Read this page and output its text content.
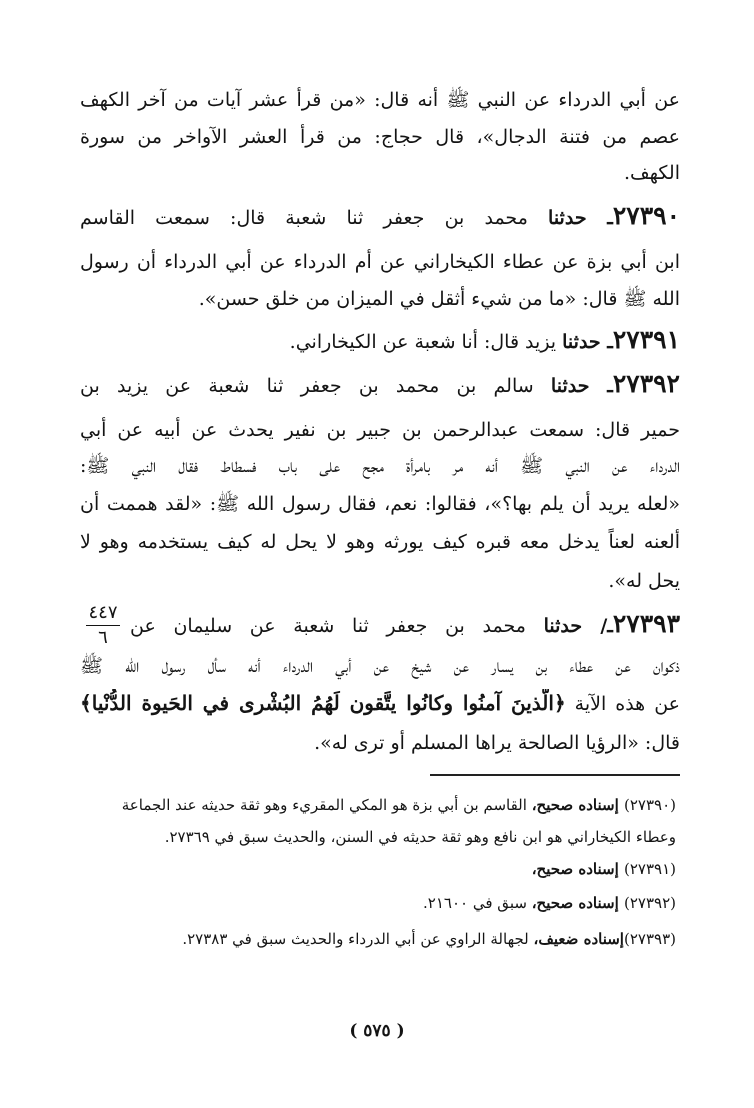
عن أبي الدرداء عن النبي ﷺ أنه قال: «من قرأ عشر آيات من آخر الكهف
عصم من فتنة الدجال»، قال حجاج: من قرأ العشر الآواخر من سورة
الكهف.
٢٧٣٩٠ـ حدثنا محمد بن جعفر ثنا شعبة قال: سمعت القاسم
ابن أبي بزة عن عطاء الكيخاراني عن أم الدرداء عن أبي الدرداء أن رسول
الله ﷺ قال: «ما من شيء أثقل في الميزان من خلق حسن».
٢٧٣٩١ـ حدثنا يزيد قال: أنا شعبة عن الكيخاراني.
٢٧٣٩٢ـ حدثنا سالم بن محمد بن جعفر ثنا شعبة عن يزيد بن
حمير قال: سمعت عبدالرحمن بن جبير بن نفير يحدث عن أبيه عن أبي
الدرداء عن النبي ﷺ أنه مر بامرأة مجح على باب فسطاط فقال النبي ﷺ:
«لعله يريد أن يلم بها؟»، فقالوا: نعم، فقال رسول الله ﷺ: «لقد هممت أن
ألعنه لعناً يدخل معه قبره كيف يورثه وهو لا يحل له كيف يستخدمه وهو لا
يحل له».
٢٧٣٩٣ـ/ حدثنا محمد بن جعفر ثنا شعبة عن سليمان عن
ذكوان عن عطاء بن يسار عن شيخ عن أبي الدرداء أنه سأل رسول الله ﷺ
عن هذه الآية ﴿الَّذينَ آمنُوا وكانُوا يتَّقون لَهُمُ البُشْرى في الحَيوة الدُّنْيا﴾
قال: «الرؤيا الصالحة يراها المسلم أو ترى له».
٤٤٧
٦
(٢٧٣٩٠) إسناده صحيح، القاسم بن أبي بزة هو المكي المقريء وهو ثقة حديثه عند الجماعة
وعطاء الكيخاراني هو ابن نافع وهو ثقة حديثه في السنن، والحديث سبق في ٢٧٣٦٩.
(٢٧٣٩١) إسناده صحيح،
(٢٧٣٩٢) إسناده صحيح، سبق في ٢١٦٠٠.
(٢٧٣٩٣)إسناده ضعيف، لجهالة الراوي عن أبي الدرداء والحديث سبق في ٢٧٣٨٣.
( ٥٧٥ )
